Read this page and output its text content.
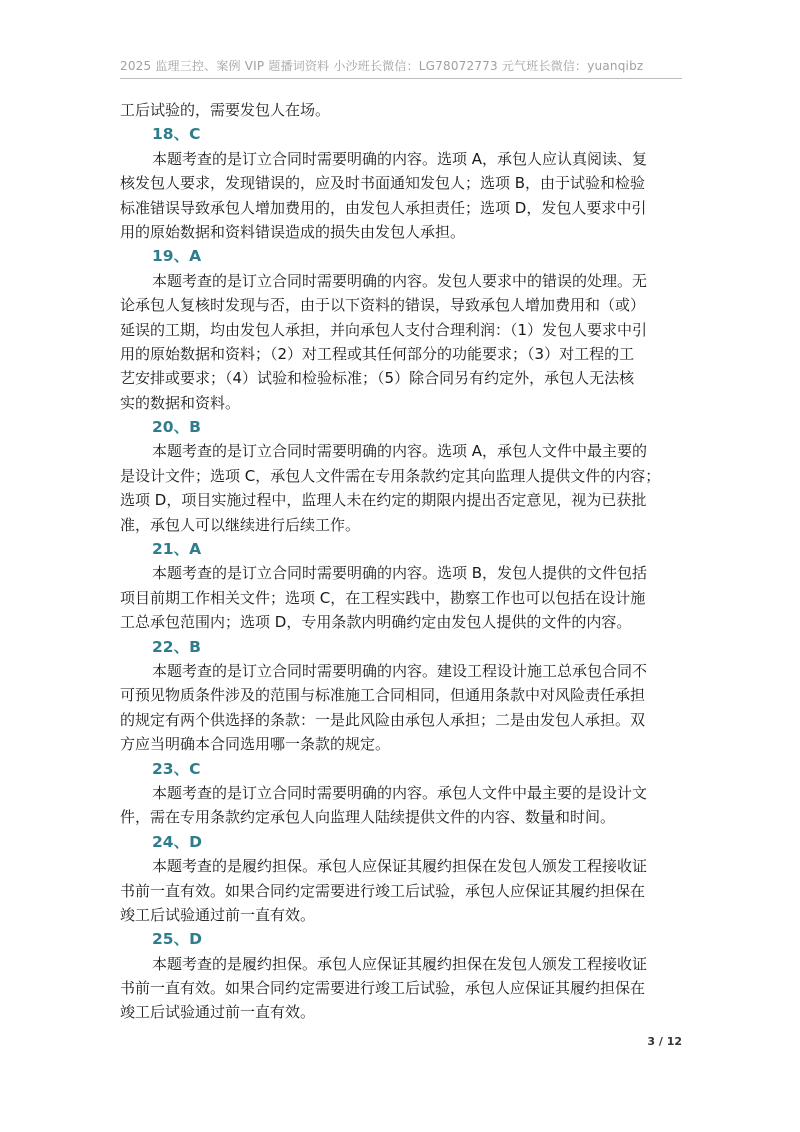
2025 监理三控、案例 VIP 题播词资料 小沙班长微信：LG78072773 元气班长微信：yuanqibz
工后试验的，需要发包人在场。
18、C
本题考查的是订立合同时需要明确的内容。选项 A，承包人应认真阅读、复
核发包人要求，发现错误的，应及时书面通知发包人；选项 B，由于试验和检验
标准错误导致承包人增加费用的，由发包人承担责任；选项 D，发包人要求中引
用的原始数据和资料错误造成的损失由发包人承担。
19、A
本题考查的是订立合同时需要明确的内容。发包人要求中的错误的处理。无
论承包人复核时发现与否，由于以下资料的错误，导致承包人增加费用和（或）
延误的工期，均由发包人承担，并向承包人支付合理利润：（1）发包人要求中引
用的原始数据和资料；（2）对工程或其任何部分的功能要求；（3）对工程的工
艺安排或要求；（4）试验和检验标准；（5）除合同另有约定外，承包人无法核
实的数据和资料。
20、B
本题考查的是订立合同时需要明确的内容。选项 A，承包人文件中最主要的
是设计文件；选项 C，承包人文件需在专用条款约定其向监理人提供文件的内容；
选项 D，项目实施过程中，监理人未在约定的期限内提出否定意见，视为已获批
准，承包人可以继续进行后续工作。
21、A
本题考查的是订立合同时需要明确的内容。选项 B，发包人提供的文件包括
项目前期工作相关文件；选项 C，在工程实践中，勘察工作也可以包括在设计施
工总承包范围内；选项 D，专用条款内明确约定由发包人提供的文件的内容。
22、B
本题考查的是订立合同时需要明确的内容。建设工程设计施工总承包合同不
可预见物质条件涉及的范围与标准施工合同相同，但通用条款中对风险责任承担
的规定有两个供选择的条款：一是此风险由承包人承担；二是由发包人承担。双
方应当明确本合同选用哪一条款的规定。
23、C
本题考查的是订立合同时需要明确的内容。承包人文件中最主要的是设计文
件，需在专用条款约定承包人向监理人陆续提供文件的内容、数量和时间。
24、D
本题考查的是履约担保。承包人应保证其履约担保在发包人颁发工程接收证
书前一直有效。如果合同约定需要进行竣工后试验，承包人应保证其履约担保在
竣工后试验通过前一直有效。
25、D
本题考查的是履约担保。承包人应保证其履约担保在发包人颁发工程接收证
书前一直有效。如果合同约定需要进行竣工后试验，承包人应保证其履约担保在
竣工后试验通过前一直有效。
3 / 12
